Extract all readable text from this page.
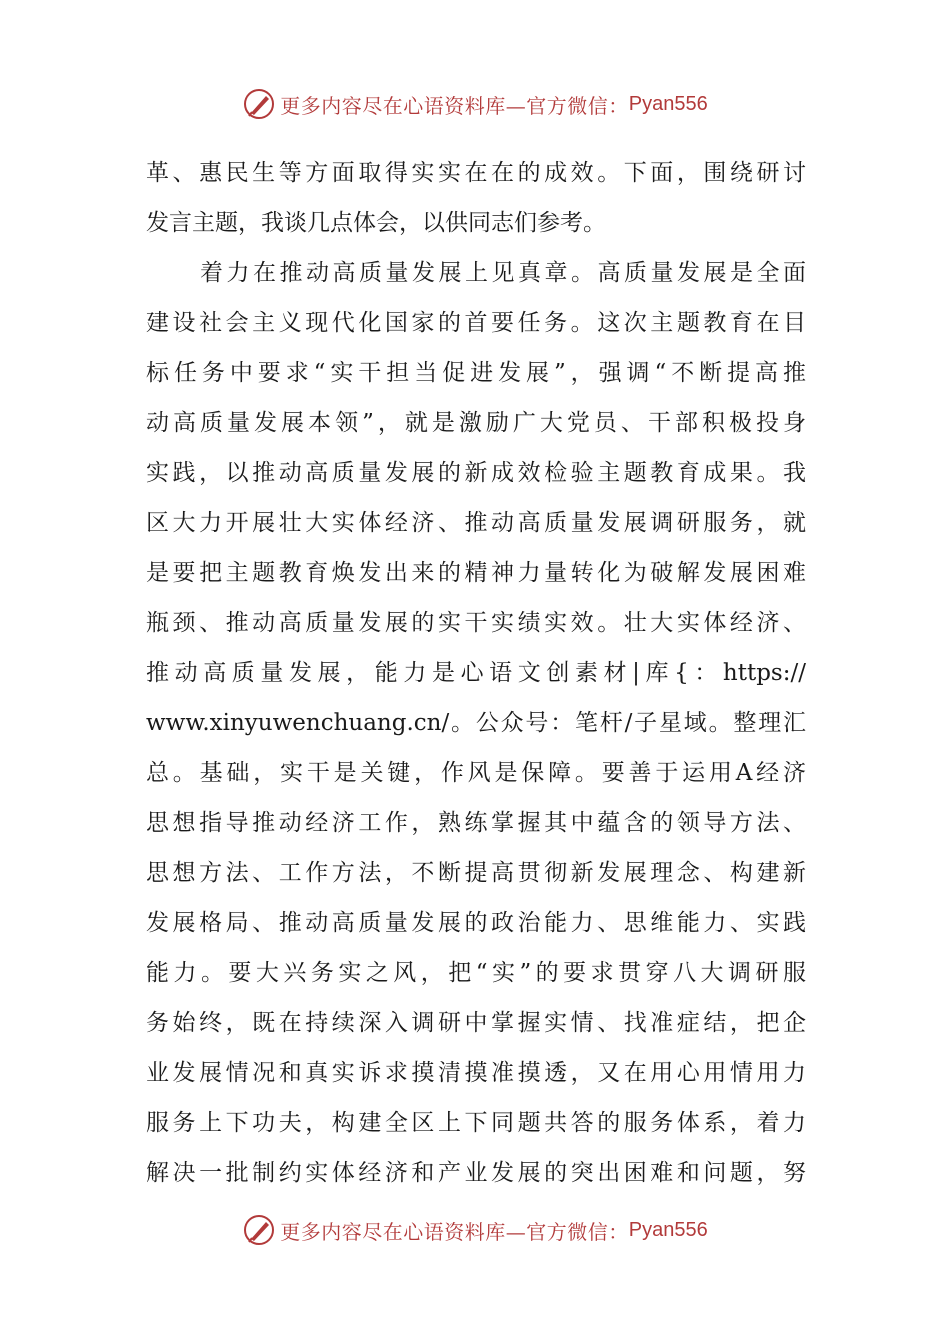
更多内容尽在心语资料库—官方微信： Pyan556
革、惠民生等方面取得实实在在的成效。下面，围绕研讨
发言主题，我谈几点体会，以供同志们参考。
着力在推动高质量发展上见真章。高质量发展是全面
建设社会主义现代化国家的首要任务。这次主题教育在目
标任务中要求“实干担当促进发展”，强调“不断提高推
动高质量发展本领”，就是激励广大党员、干部积极投身
实践，以推动高质量发展的新成效检验主题教育成果。我
区大力开展壮大实体经济、推动高质量发展调研服务，就
是要把主题教育焕发出来的精神力量转化为破解发展困难
瓶颈、推动高质量发展的实干实绩实效。壮大实体经济、
推动高质量发展，能力是心语文创素材|库{：https://
www.xinyuwenchuang.cn/。公众号：笔杆/子星域。整理汇
总。基础，实干是关键，作风是保障。要善于运用A经济
思想指导推动经济工作，熟练掌握其中蕴含的领导方法、
思想方法、工作方法，不断提高贯彻新发展理念、构建新
发展格局、推动高质量发展的政治能力、思维能力、实践
能力。要大兴务实之风，把“实”的要求贯穿八大调研服
务始终，既在持续深入调研中掌握实情、找准症结，把企
业发展情况和真实诉求摸清摸准摸透，又在用心用情用力
服务上下功夫，构建全区上下同题共答的服务体系，着力
解决一批制约实体经济和产业发展的突出困难和问题，努
更多内容尽在心语资料库—官方微信： Pyan556
